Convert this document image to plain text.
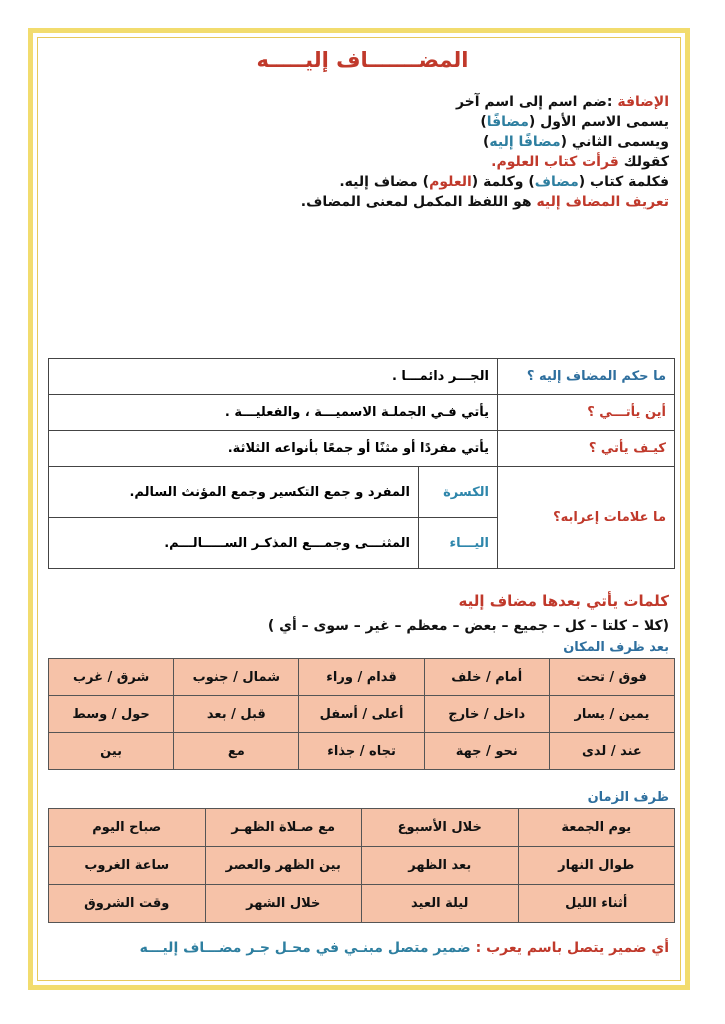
المضـــــــاف إليـــــه
الإضافة :ضم اسم إلى اسم آخر
يسمى الاسم الأول (مضافًا)
ويسمى الثاني (مضافًا إليه)
كقولك قرأت كتاب العلوم.
فكلمة كتاب (مضاف) وكلمة (العلوم) مضاف إليه.
تعريف المضاف إليه هو اللفظ المكمل لمعنى المضاف.
ما حكم المضاف إليه ؟	الجـــر دائمـــا .	
أين يأتـــي ؟	يأتي فـي الجملـة الاسميـــة ، والفعليـــة .	
كيـف يأتي ؟	يأتي مفردًا أو مثنًا أو جمعًا بأنواعه الثلاثة.	
ما علامات إعرابه؟	الكسرة	المفرد و جمع التكسير وجمع المؤنث السالم.
	اليـــاء	المثنـــى وجمـــع المذكـر الســـــالـــم.
كلمات يأتي بعدها مضاف إليه
(كلا – كلتا – كل – جميع – بعض – معظم – غير – سوى – أي )
بعد ظرف المكان
فوق / تحت	أمام / خلف	قدام / وراء	شمال / جنوب	شرق / غرب
يمين / يسار	داخل / خارج	أعلى / أسفل	قبل / بعد	حول / وسط
عند / لدى	نحو / جهة	تجاه / جذاء	مع	بين
ظرف الزمان
يوم الجمعة	خلال الأسبوع	مع صـلاة الظهـر	صباح اليوم
طوال النهار	بعد الظهر	بين الظهر والعصر	ساعة الغروب
أثناء الليل	ليلة العيد	خلال الشهر	وقت الشروق
أي ضمير يتصل باسم يعرب : ضمير متصل مبنـي في محـل جـر مضـــاف إليـــه
